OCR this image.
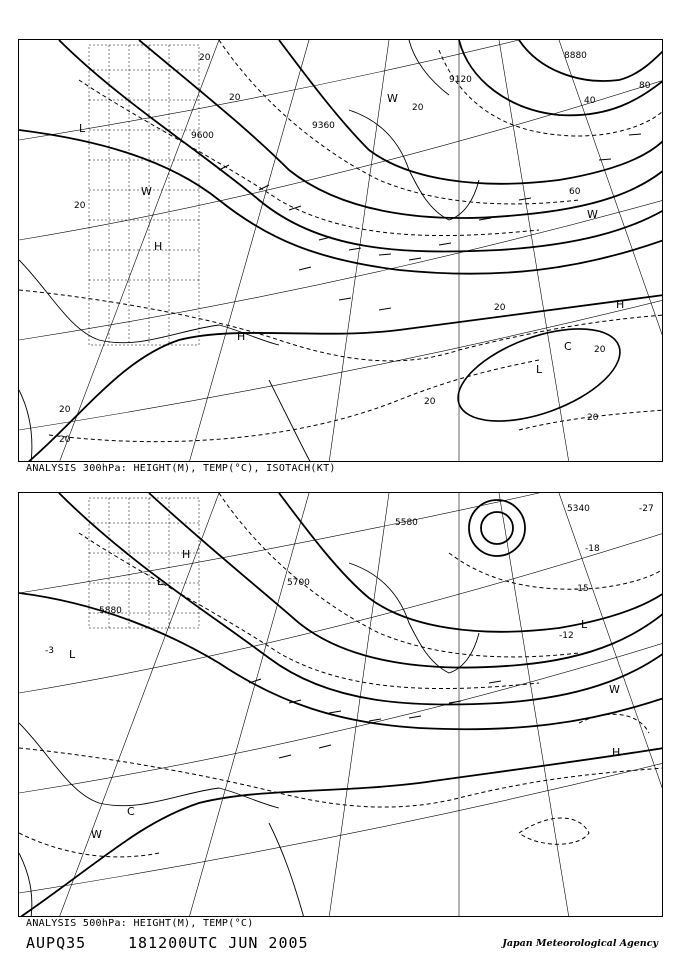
8880
9120
9360
9600
20
20
20
20
20
20
20
20
20
20
40
60
80
L
L
H
H
H
W
W
W
C
ANALYSIS 300hPa: HEIGHT(M), TEMP(°C), ISOTACH(KT)
5340
5580
5700
5880
-27
-18
-15
-12
-3 L
L
L
H
H
W
W
C
ANALYSIS 500hPa: HEIGHT(M), TEMP(°C)
AUPQ35	181200UTC JUN 2005	Japan Meteorological Agency
